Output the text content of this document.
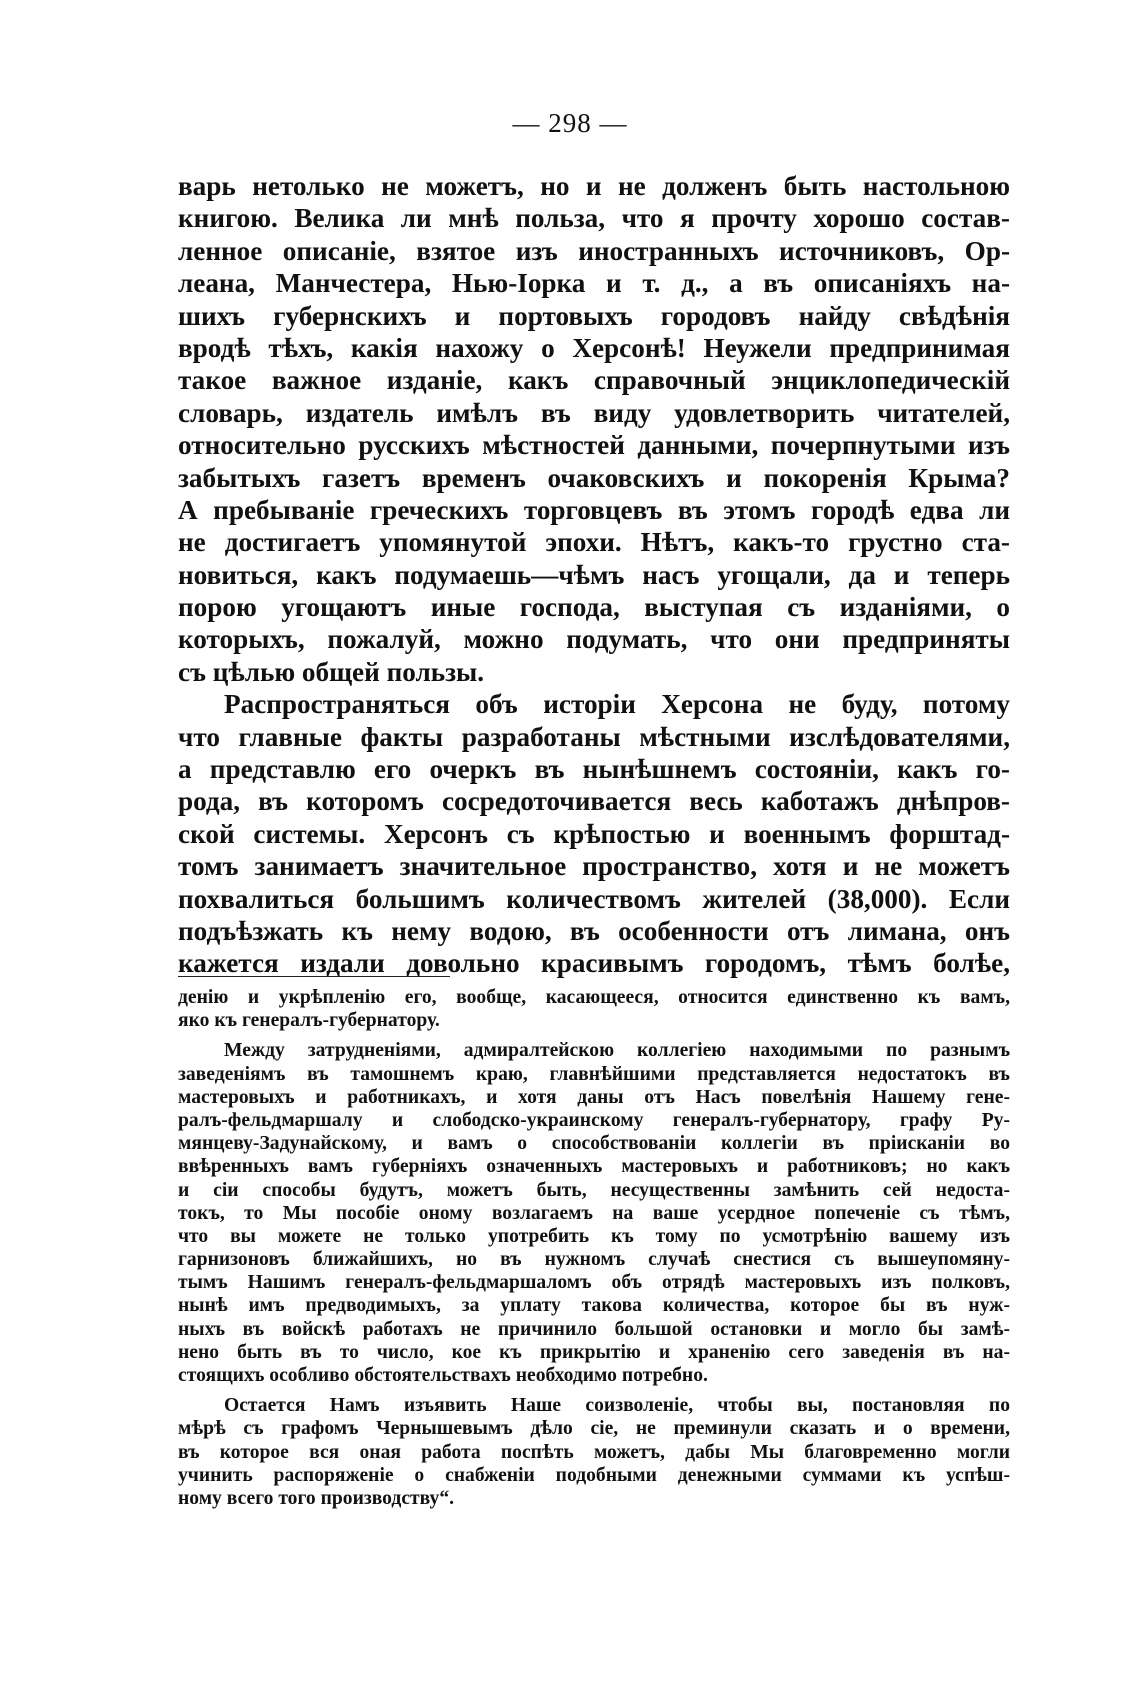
— 298 —
варь нетолько не можетъ, но и не долженъ быть настольною
книгою. Велика ли мнѣ польза, что я прочту хорошо состав-
ленное описаніе, взятое изъ иностранныхъ источниковъ, Ор-
леана, Манчестера, Нью-Іорка и т. д., а въ описаніяхъ на-
шихъ губернскихъ и портовыхъ городовъ найду свѣдѣнія
вродѣ тѣхъ, какія нахожу о Херсонѣ! Неужели предпринимая
такое важное изданіе, какъ справочный энциклопедическій
словарь, издатель имѣлъ въ виду удовлетворить читателей,
относительно русскихъ мѣстностей данными, почерпнутыми изъ
забытыхъ газетъ временъ очаковскихъ и покоренія Крыма?
А пребываніе греческихъ торговцевъ въ этомъ городѣ едва ли
не достигаетъ упомянутой эпохи. Нѣтъ, какъ-то грустно ста-
новиться, какъ подумаешь—чѣмъ насъ угощали, да и теперь
порою угощаютъ иные господа, выступая съ изданіями, о
которыхъ, пожалуй, можно подумать, что они предприняты
съ цѣлью общей пользы.
Распространяться объ исторіи Херсона не буду, потому
что главные факты разработаны мѣстными изслѣдователями,
а представлю его очеркъ въ нынѣшнемъ состояніи, какъ го-
рода, въ которомъ сосредоточивается весь каботажъ днѣпров-
ской системы. Херсонъ съ крѣпостью и военнымъ форштад-
томъ занимаетъ значительное пространство, хотя и не можетъ
похвалиться большимъ количествомъ жителей (38,000). Если
подъѣзжать къ нему водою, въ особенности отъ лимана, онъ
кажется издали довольно красивымъ городомъ, тѣмъ болѣе,
денію и укрѣпленію его, вообще, касающееся, относится единственно къ вамъ,
яко къ генералъ-губернатору.
Между затрудненіями, адмиралтейскою коллегіею находимыми по разнымъ
заведеніямъ въ тамошнемъ краю, главнѣйшими представляется недостатокъ въ
мастеровыхъ и работникахъ, и хотя даны отъ Насъ повелѣнія Нашему гене-
ралъ-фельдмаршалу и слободско-украинскому генералъ-губернатору, графу Ру-
мянцеву-Задунайскому, и вамъ о способствованіи коллегіи въ пріисканіи во
ввѣренныхъ вамъ губерніяхъ означенныхъ мастеровыхъ и работниковъ; но какъ
и сіи способы будутъ, можетъ быть, несущественны замѣнить сей недоста-
токъ, то Мы пособіе оному возлагаемъ на ваше усердное попеченіе съ тѣмъ,
что вы можете не только употребить къ тому по усмотрѣнію вашему изъ
гарнизоновъ ближайшихъ, но въ нужномъ случаѣ снестися съ вышеупомяну-
тымъ Нашимъ генералъ-фельдмаршаломъ объ отрядѣ мастеровыхъ изъ полковъ,
нынѣ имъ предводимыхъ, за уплату такова количества, которое бы въ нуж-
ныхъ въ войскѣ работахъ не причинило большой остановки и могло бы замѣ-
нено быть въ то число, кое къ прикрытію и храненію сего заведенія въ на-
стоящихъ особливо обстоятельствахъ необходимо потребно.
Остается Намъ изъявить Наше соизволеніе, чтобы вы, постановляя по
мѣрѣ съ графомъ Чернышевымъ дѣло сіе, не преминули сказать и о времени,
въ которое вся оная работа поспѣть можетъ, дабы Мы благовременно могли
учинить распоряженіе о снабженіи подобными денежными суммами къ успѣш-
ному всего того производству“.
